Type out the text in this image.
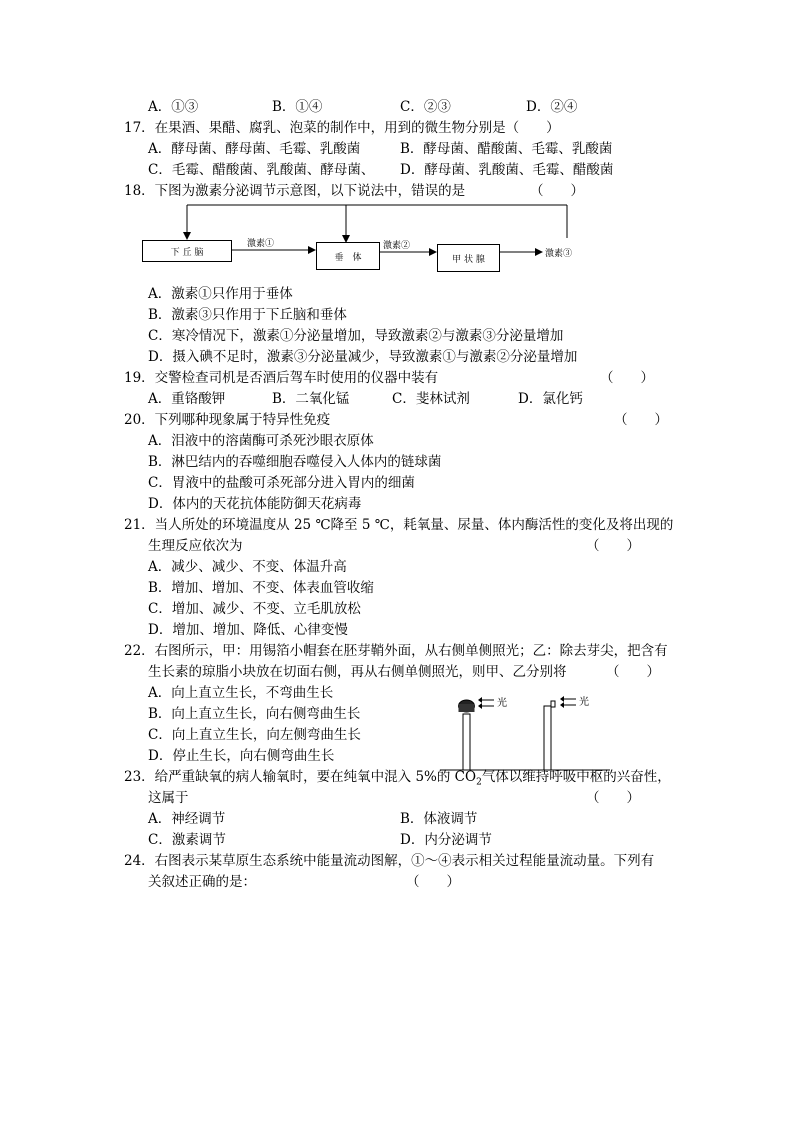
A．①③	B．①④	C．②③	D．②④
17．在果酒、果醋、腐乳、泡菜的制作中，用到的微生物分别是（　　）
A．酵母菌、酵母菌、毛霉、乳酸菌	B．酵母菌、醋酸菌、毛霉、乳酸菌
C．毛霉、醋酸菌、乳酸菌、酵母菌、 D．酵母菌、乳酸菌、毛霉、醋酸菌
18．下图为激素分泌调节示意图，以下说法中，错误的是	（　　）
下 丘 脑	垂　体	甲 状 腺
激素①	激素②
激素③
A．激素①只作用于垂体
B．激素③只作用于下丘脑和垂体
C．寒冷情况下，激素①分泌量增加，导致激素②与激素③分泌量增加
D．摄入碘不足时，激素③分泌量减少，导致激素①与激素②分泌量增加
19．交警检查司机是否酒后驾车时使用的仪器中装有	（　　）
A．重铬酸钾	B．二氧化锰	C．斐林试剂	D．氯化钙
20．下列哪种现象属于特异性免疫	（　　）
A．泪液中的溶菌酶可杀死沙眼衣原体
B．淋巴结内的吞噬细胞吞噬侵入人体内的链球菌
C．胃液中的盐酸可杀死部分进入胃内的细菌
D．体内的天花抗体能防御天花病毒
21．当人所处的环境温度从 25 ℃降至 5 ℃，耗氧量、尿量、体内酶活性的变化及将出现的
生理反应依次为	（　　）
A．减少、减少、不变、体温升高
B．增加、增加、不变、体表血管收缩
C．增加、减少、不变、立毛肌放松
D．增加、增加、降低、心律变慢
22．右图所示，甲：用锡箔小帽套在胚芽鞘外面，从右侧单侧照光；乙：除去芽尖，把含有
生长素的琼脂小块放在切面右侧，再从右侧单侧照光，则甲、乙分别将	（　　）
A．向上直立生长，不弯曲生长
B．向上直立生长，向右侧弯曲生长
C．向上直立生长，向左侧弯曲生长
D．停止生长，向右侧弯曲生长
光	光
23．给严重缺氧的病人输氧时，要在纯氧中混入 5%的 $CO_2$气体以维持呼吸中枢的兴奋性，
这属于	（　　）
A．神经调节	B．体液调节
C．激素调节	D．内分泌调节
24．右图表示某草原生态系统中能量流动图解，①～④表示相关过程能量流动量。下列有
关叙述正确的是：	（　　）
